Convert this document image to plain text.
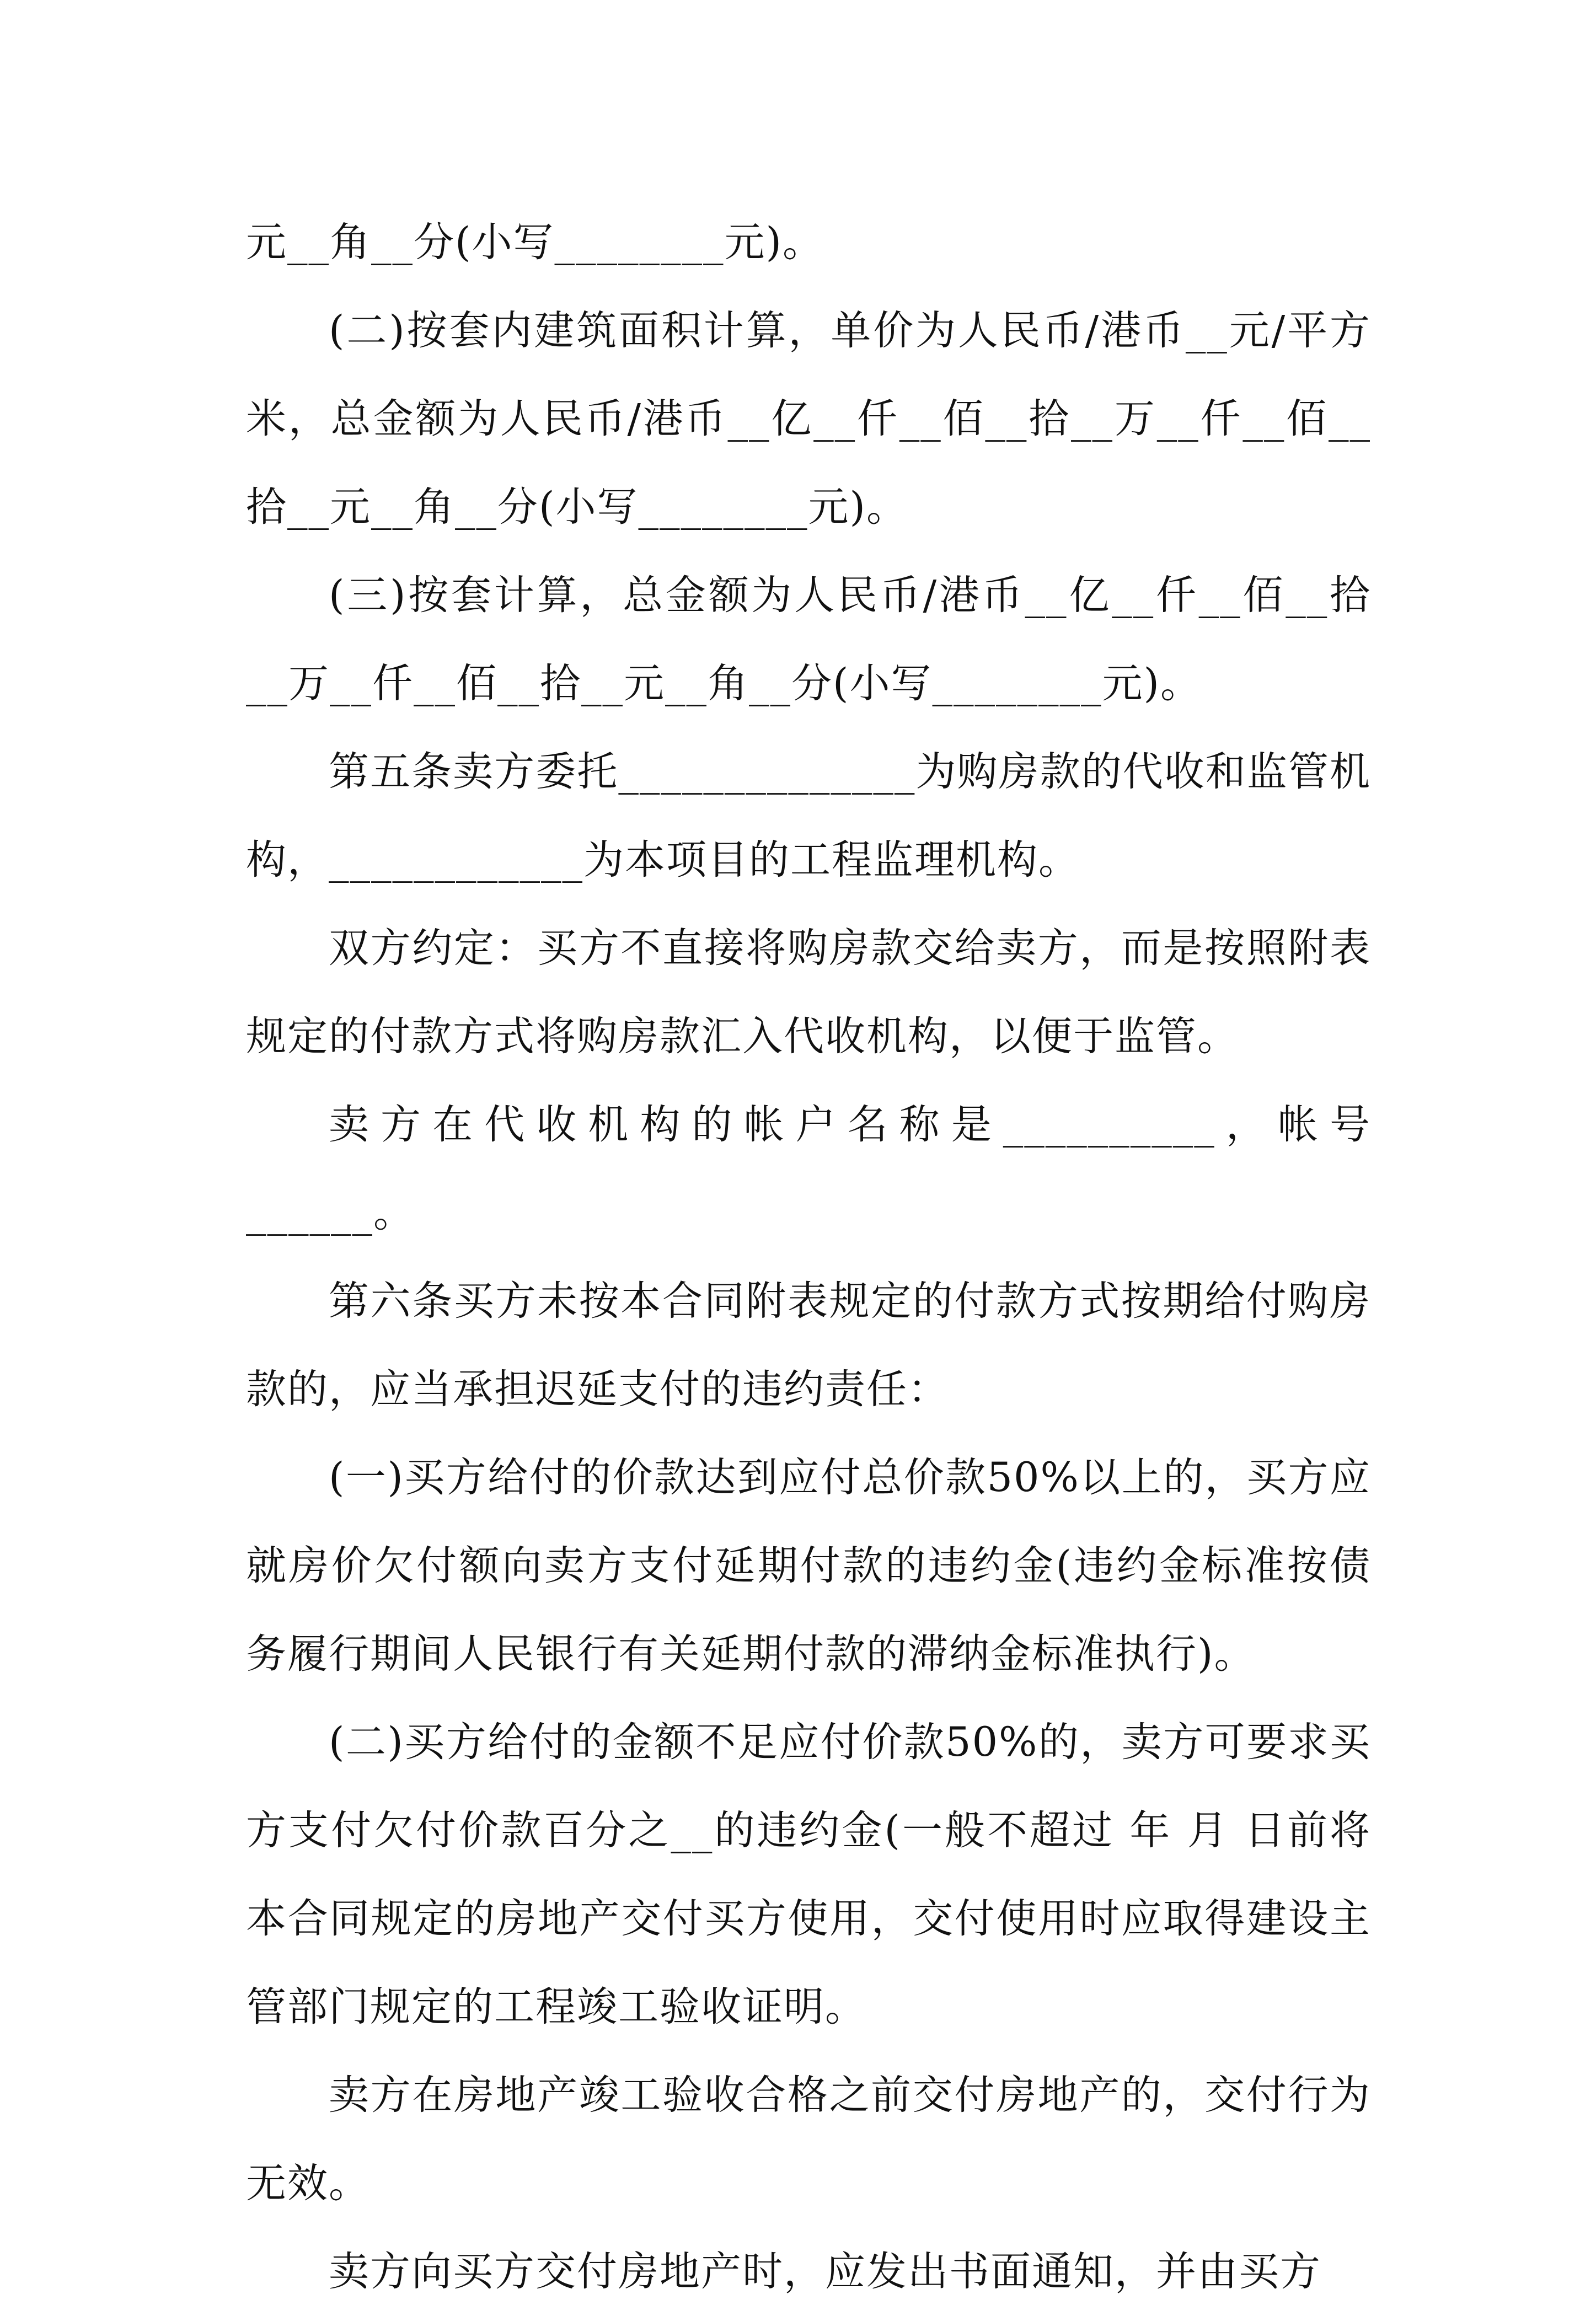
元__角__分(小写________元)。

(二)按套内建筑面积计算，单价为人民币/港币__元/平方米，总金额为人民币/港币__亿__仟__佰__拾__万__仟__佰__拾__元__角__分(小写________元)。

(三)按套计算，总金额为人民币/港币__亿__仟__佰__拾__万__仟__佰__拾__元__角__分(小写________元)。

第五条卖方委托______________为购房款的代收和监管机构，____________为本项目的工程监理机构。

双方约定：买方不直接将购房款交给卖方，而是按照附表规定的付款方式将购房款汇入代收机构，以便于监管。

卖方在代收机构的帐户名称是__________，帐号______。

第六条买方未按本合同附表规定的付款方式按期给付购房款的，应当承担迟延支付的违约责任：

(一)买方给付的价款达到应付总价款50%以上的，买方应就房价欠付额向卖方支付延期付款的违约金(违约金标准按债务履行期间人民银行有关延期付款的滞纳金标准执行)。

(二)买方给付的金额不足应付价款50%的，卖方可要求买方支付欠付价款百分之__的违约金(一般不超过 年 月 日前将本合同规定的房地产交付买方使用，交付使用时应取得建设主管部门规定的工程竣工验收证明。

卖方在房地产竣工验收合格之前交付房地产的，交付行为无效。

卖方向买方交付房地产时，应发出书面通知，并由买方
